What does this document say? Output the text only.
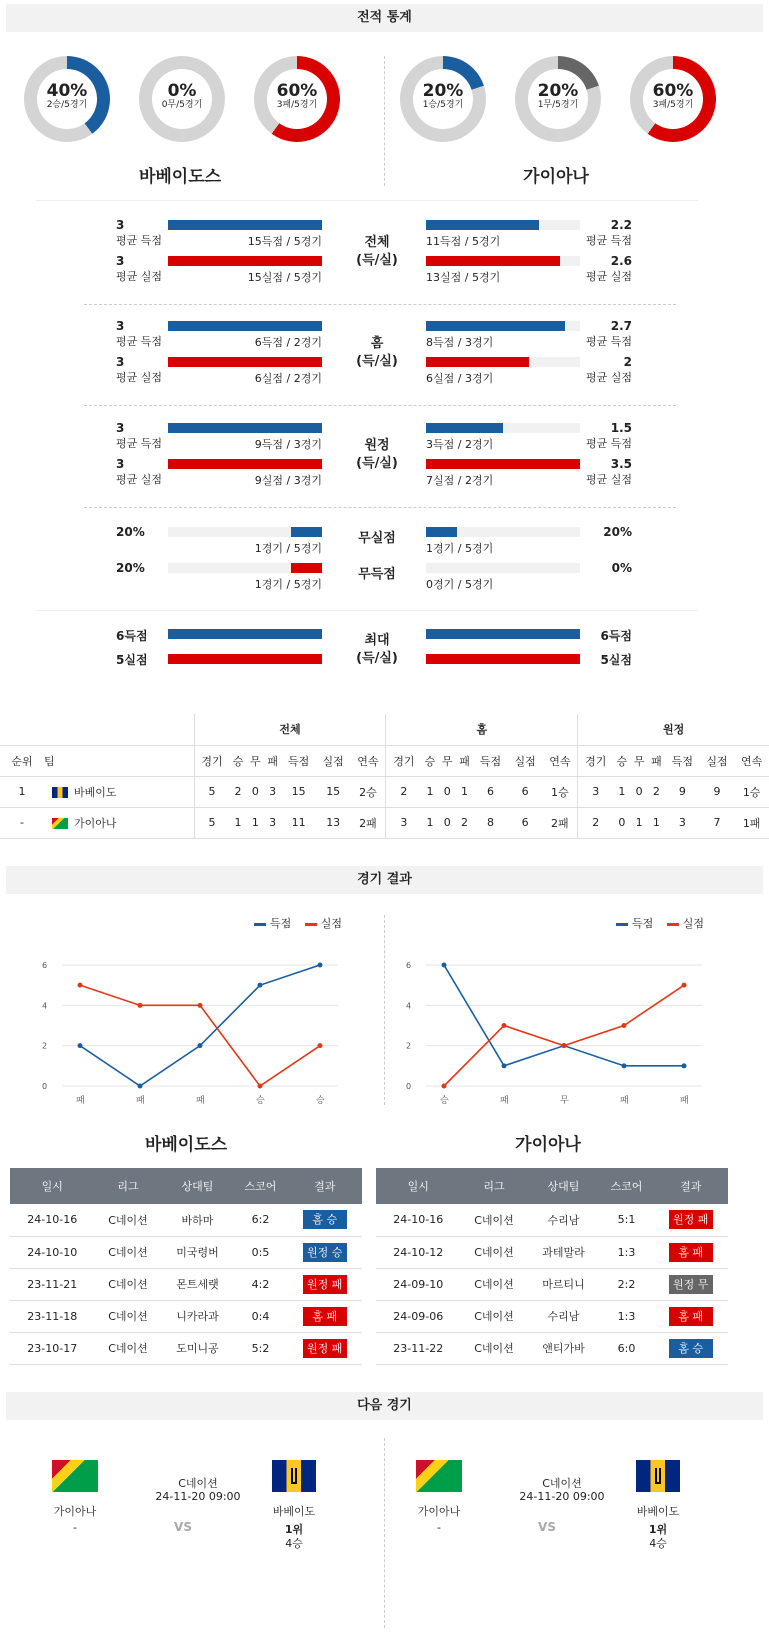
전적 통계
40%
2승/5경기
0%
0무/5경기
60%
3패/5경기
20%
1승/5경기
20%
1무/5경기
60%
3패/5경기
바베이도스	가이아나
3
평균 득점	15득점 / 5경기	11득점 / 5경기
2.2
평균 득점
3
평균 실점	15실점 / 5경기	13실점 / 5경기
2.6
평균 실점
전체
(득/실)
3
평균 득점	6득점 / 2경기	8득점 / 3경기
2.7
평균 득점
3
평균 실점	6실점 / 2경기	6실점 / 3경기
2
평균 실점
홈
(득/실)
3
평균 득점	9득점 / 3경기	3득점 / 2경기
1.5
평균 득점
3
평균 실점	9실점 / 3경기	7실점 / 2경기
3.5
평균 실점
원정
(득/실)
20%
1경기 / 5경기	1경기 / 5경기
20%
무실점
20%
1경기 / 5경기	0경기 / 5경기
0%
무득점
6득점
5실점
6득점
5실점
최대
(득/실)
		전체							홈							원정						
순위	팀	경기	승	무	패	득점	실점	연속	경기	승	무	패	득점	실점	연속	경기	승	무	패	득점	실점	연속
1	바베이도	5	2	0	3	15	15	2승	2	1	0	1	6	6	1승	3	1	0	2	9	9	1승
-	가이아나	5	1	1	3	11	13	2패	3	1	0	2	8	6	2패	2	0	1	1	3	7	1패
경기 결과
득점	실점	득점	실점
0
2
4
6
패	패	패	승	승
0
2
4
6
승	패	무	패	패
바베이도스	가이아나
일시	리그	상대팀	스코어	결과
24-10-16	C네이션	바하마	6:2	홈 승
24-10-10	C네이션	미국령버	0:5	원정 승
23-11-21	C네이션	몬트세랫	4:2	원정 패
23-11-18	C네이션	니카라과	0:4	홈 패
23-10-17	C네이션	도미니공	5:2	원정 패
일시	리그	상대팀	스코어	결과
24-10-16	C네이션	수리남	5:1	원정 패
24-10-12	C네이션	과테말라	1:3	홈 패
24-09-10	C네이션	마르티니	2:2	원정 무
24-09-06	C네이션	수리남	1:3	홈 패
23-11-22	C네이션	앤티가바	6:0	홈 승
다음 경기
가이아나
-
C네이션
24-11-20 09:00
VS
바베이도
1위
4승
가이아나
-
C네이션
24-11-20 09:00
VS
바베이도
1위
4승
